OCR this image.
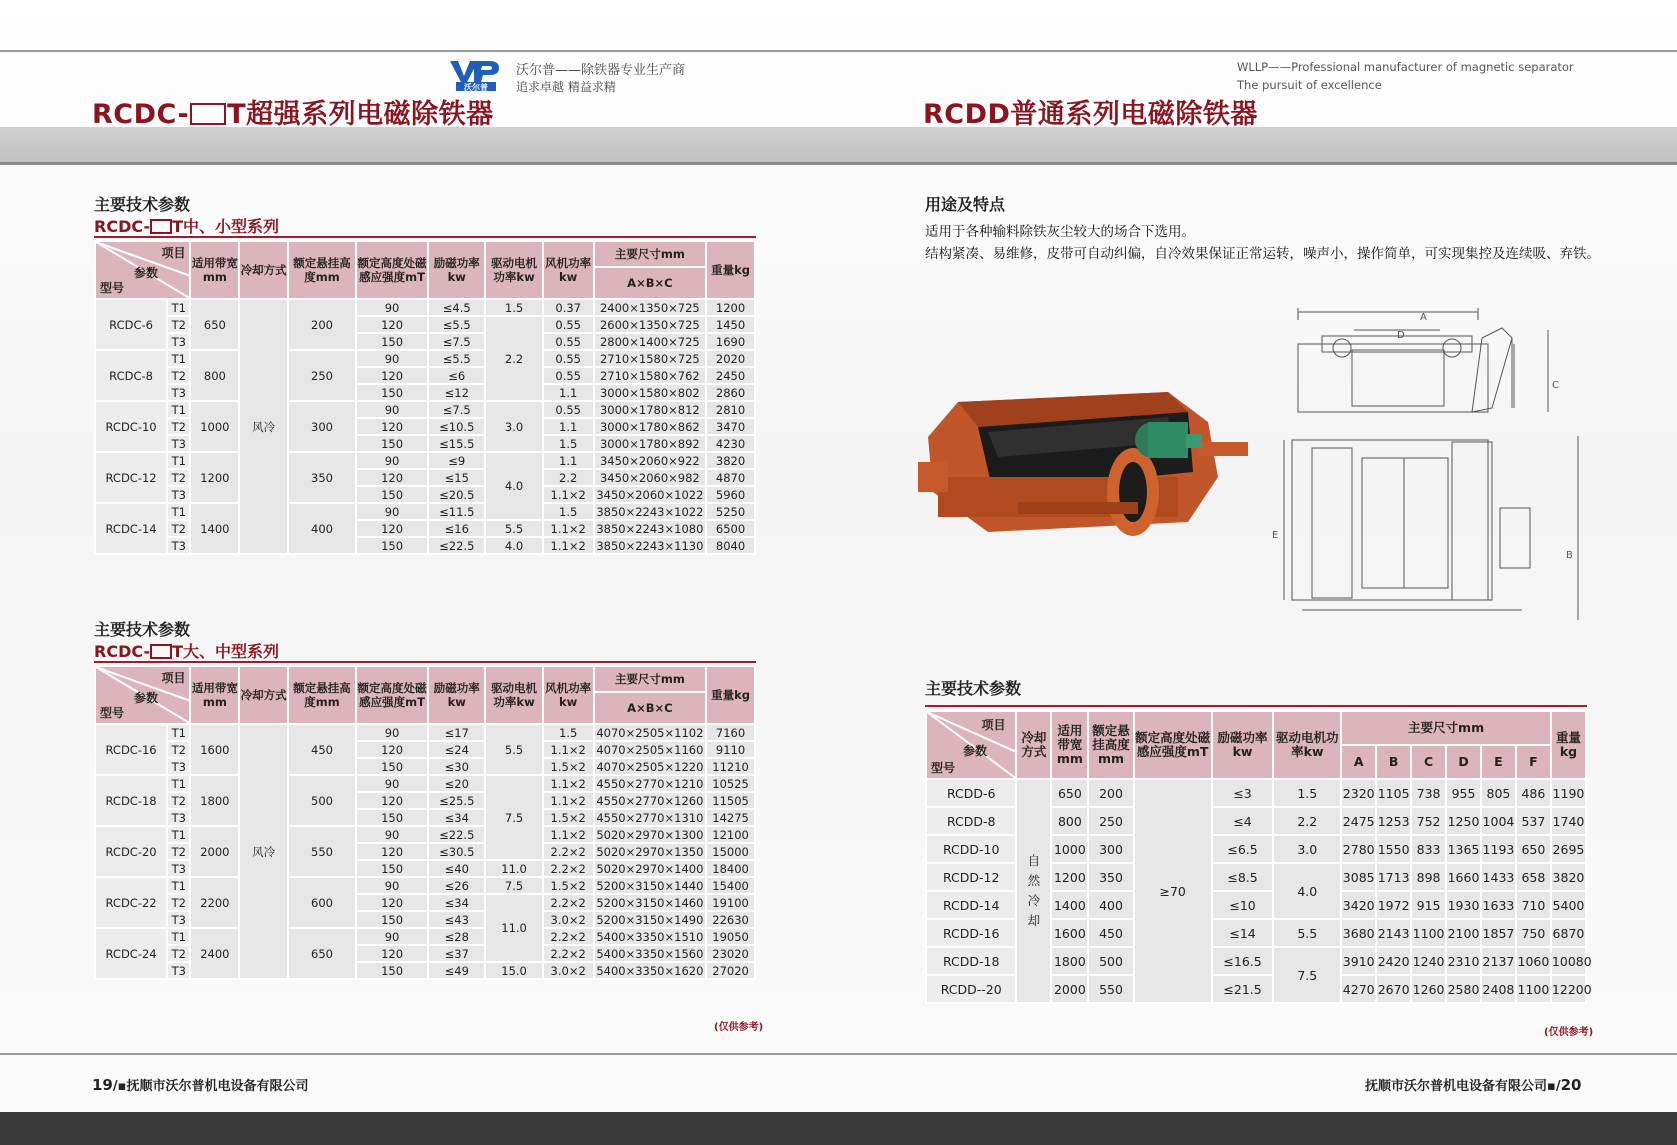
沃尔普
沃尔普——除铁器专业生产商
追求卓越 精益求精
WLLP——Professional manufacturer of magnetic separator
The pursuit of excellence
RCDC- T超强系列电磁除铁器	RCDD普通系列电磁除铁器
主要技术参数
RCDC- T中、小型系列
项目
参数
型号		适用带宽mm	冷却方式	额定悬挂高度mm	额定高度处磁感应强度mT	励磁功率kw	驱动电机功率kw	风机功率kw	主要尺寸mm	重量kg
									A×B×C	
RCDC-6	T1	650	风冷	200	90	≤4.5	1.5	0.37	2400×1350×725	1200
	T2				120	≤5.5	2.2	0.55	2600×1350×725	1450
	T3				150	≤7.5		0.55	2800×1400×725	1690
RCDC-8	T1	800		250	90	≤5.5		0.55	2710×1580×725	2020
	T2				120	≤6		0.55	2710×1580×762	2450
	T3				150	≤12		1.1	3000×1580×802	2860
RCDC-10	T1	1000		300	90	≤7.5	3.0	0.55	3000×1780×812	2810
	T2				120	≤10.5		1.1	3000×1780×862	3470
	T3				150	≤15.5		1.5	3000×1780×892	4230
RCDC-12	T1	1200		350	90	≤9	4.0	1.1	3450×2060×922	3820
	T2				120	≤15		2.2	3450×2060×982	4870
	T3				150	≤20.5		1.1×2	3450×2060×1022	5960
RCDC-14	T1	1400		400	90	≤11.5		1.5	3850×2243×1022	5250
	T2				120	≤16	5.5	1.1×2	3850×2243×1080	6500
	T3				150	≤22.5	4.0	1.1×2	3850×2243×1130	8040
主要技术参数
RCDC- T大、中型系列
项目
参数
型号		适用带宽mm	冷却方式	额定悬挂高度mm	额定高度处磁感应强度mT	励磁功率kw	驱动电机功率kw	风机功率kw	主要尺寸mm	重量kg
									A×B×C	
RCDC-16	T1	1600	风冷	450	90	≤17	5.5	1.5	4070×2505×1102	7160
	T2				120	≤24		1.1×2	4070×2505×1160	9110
	T3				150	≤30		1.5×2	4070×2505×1220	11210
RCDC-18	T1	1800		500	90	≤20	7.5	1.1×2	4550×2770×1210	10525
	T2				120	≤25.5		1.1×2	4550×2770×1260	11505
	T3				150	≤34		1.5×2	4550×2770×1310	14275
RCDC-20	T1	2000		550	90	≤22.5		1.1×2	5020×2970×1300	12100
	T2				120	≤30.5		2.2×2	5020×2970×1350	15000
	T3				150	≤40	11.0	2.2×2	5020×2970×1400	18400
RCDC-22	T1	2200		600	90	≤26	7.5	1.5×2	5200×3150×1440	15400
	T2				120	≤34	11.0	2.2×2	5200×3150×1460	19100
	T3				150	≤43		3.0×2	5200×3150×1490	22630
RCDC-24	T1	2400		650	90	≤28		2.2×2	5400×3350×1510	19050
	T2				120	≤37		2.2×2	5400×3350×1560	23020
	T3				150	≤49	15.0	3.0×2	5400×3350×1620	27020
(仅供参考)
用途及特点
适用于各种输料除铁灰尘较大的场合下选用。
结构紧凑、易维修，皮带可自动纠偏，自冷效果保证正常运转，噪声小，操作简单，可实现集控及连续吸、弃铁。
A
D
C
E
B
主要技术参数
项目
参数
型号	冷却方式	适用带宽mm	额定悬挂高度mm	额定高度处磁感应强度mT	励磁功率kw	驱动电机功率kw	主要尺寸mm						重量kg
							A	B	C	D	E	F	
RCDD-6	自然冷却	650	200	≥70	≤3	1.5	2320	1105	738	955	805	486	1190
RCDD-8		800	250		≤4	2.2	2475	1253	752	1250	1004	537	1740
RCDD-10		1000	300		≤6.5	3.0	2780	1550	833	1365	1193	650	2695
RCDD-12		1200	350		≤8.5	4.0	3085	1713	898	1660	1433	658	3820
RCDD-14		1400	400		≤10		3420	1972	915	1930	1633	710	5400
RCDD-16		1600	450		≤14	5.5	3680	2143	1100	2100	1857	750	6870
RCDD-18		1800	500		≤16.5	7.5	3910	2420	1240	2310	2137	1060	10080
RCDD--20		2000	550		≤21.5		4270	2670	1260	2580	2408	1100	12200
(仅供参考)
19/▪抚顺市沃尔普机电设备有限公司	抚顺市沃尔普机电设备有限公司▪/20
